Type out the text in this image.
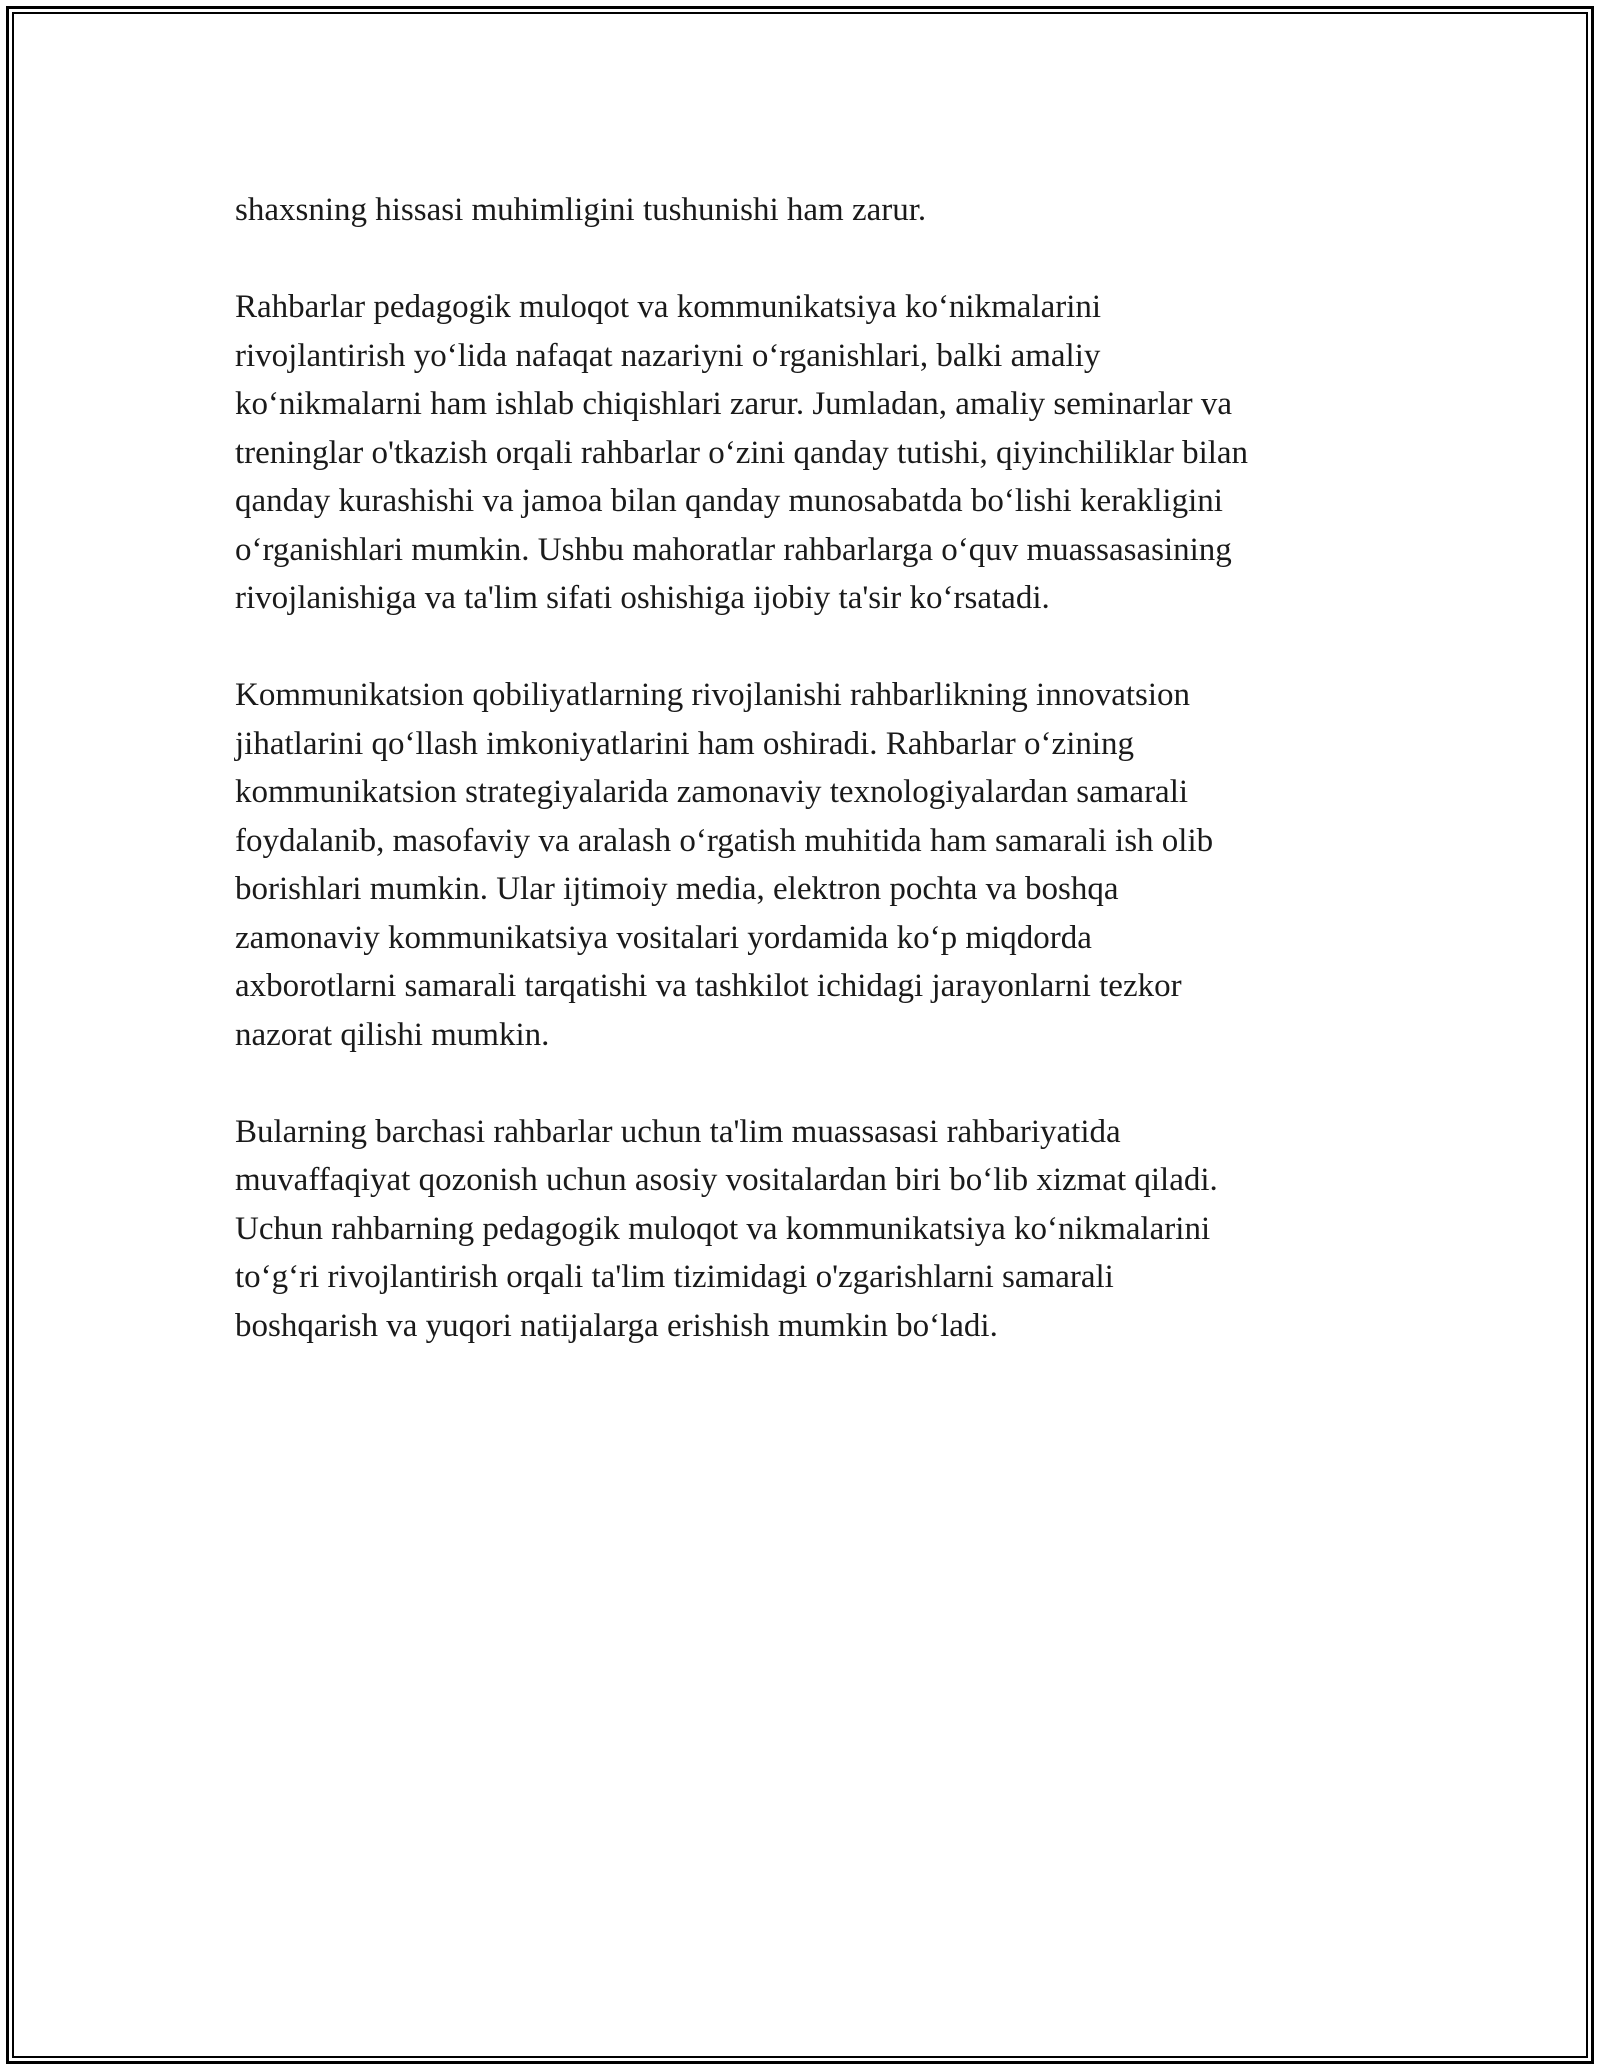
shaxsning hissasi muhimligini tushunishi ham zarur.

Rahbarlar pedagogik muloqot va kommunikatsiya ko‘nikmalarini
rivojlantirish yo‘lida nafaqat nazariyni o‘rganishlari, balki amaliy
ko‘nikmalarni ham ishlab chiqishlari zarur. Jumladan, amaliy seminarlar va
treninglar o'tkazish orqali rahbarlar o‘zini qanday tutishi, qiyinchiliklar bilan
qanday kurashishi va jamoa bilan qanday munosabatda bo‘lishi kerakligini
o‘rganishlari mumkin. Ushbu mahoratlar rahbarlarga o‘quv muassasasining
rivojlanishiga va ta'lim sifati oshishiga ijobiy ta'sir ko‘rsatadi.

Kommunikatsion qobiliyatlarning rivojlanishi rahbarlikning innovatsion
jihatlarini qo‘llash imkoniyatlarini ham oshiradi. Rahbarlar o‘zining
kommunikatsion strategiyalarida zamonaviy texnologiyalardan samarali
foydalanib, masofaviy va aralash o‘rgatish muhitida ham samarali ish olib
borishlari mumkin. Ular ijtimoiy media, elektron pochta va boshqa
zamonaviy kommunikatsiya vositalari yordamida ko‘p miqdorda
axborotlarni samarali tarqatishi va tashkilot ichidagi jarayonlarni tezkor
nazorat qilishi mumkin.

Bularning barchasi rahbarlar uchun ta'lim muassasasi rahbariyatida
muvaffaqiyat qozonish uchun asosiy vositalardan biri bo‘lib xizmat qiladi.
Uchun rahbarning pedagogik muloqot va kommunikatsiya ko‘nikmalarini
to‘g‘ri rivojlantirish orqali ta'lim tizimidagi o'zgarishlarni samarali
boshqarish va yuqori natijalarga erishish mumkin bo‘ladi.
